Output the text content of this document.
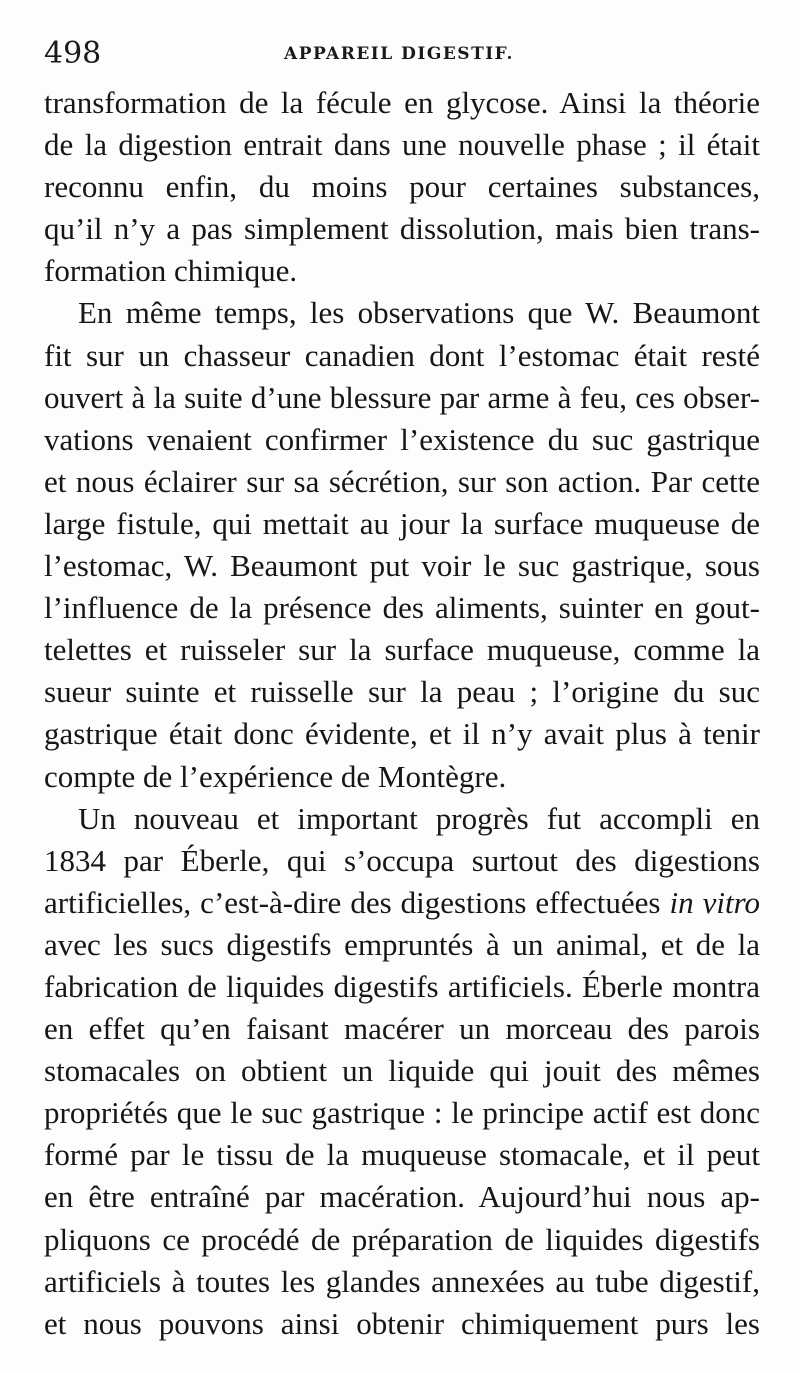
498	APPAREIL DIGESTIF.
transformation de la fécule en glycose. Ainsi la théorie
de la digestion entrait dans une nouvelle phase ; il était
reconnu enfin, du moins pour certaines substances,
qu’il n’y a pas simplement dissolution, mais bien trans-
formation chimique.
En même temps, les observations que W. Beaumont
fit sur un chasseur canadien dont l’estomac était resté
ouvert à la suite d’une blessure par arme à feu, ces obser-
vations venaient confirmer l’existence du suc gastrique
et nous éclairer sur sa sécrétion, sur son action. Par cette
large fistule, qui mettait au jour la surface muqueuse de
l’estomac, W. Beaumont put voir le suc gastrique, sous
l’influence de la présence des aliments, suinter en gout-
telettes et ruisseler sur la surface muqueuse, comme la
sueur suinte et ruisselle sur la peau ; l’origine du suc
gastrique était donc évidente, et il n’y avait plus à tenir
compte de l’expérience de Montègre.
Un nouveau et important progrès fut accompli en
1834 par Éberle, qui s’occupa surtout des digestions
artificielles, c’est-à-dire des digestions effectuées in vitro
avec les sucs digestifs empruntés à un animal, et de la
fabrication de liquides digestifs artificiels. Éberle montra
en effet qu’en faisant macérer un morceau des parois
stomacales on obtient un liquide qui jouit des mêmes
propriétés que le suc gastrique : le principe actif est donc
formé par le tissu de la muqueuse stomacale, et il peut
en être entraîné par macération. Aujourd’hui nous ap-
pliquons ce procédé de préparation de liquides digestifs
artificiels à toutes les glandes annexées au tube digestif,
et nous pouvons ainsi obtenir chimiquement purs les
